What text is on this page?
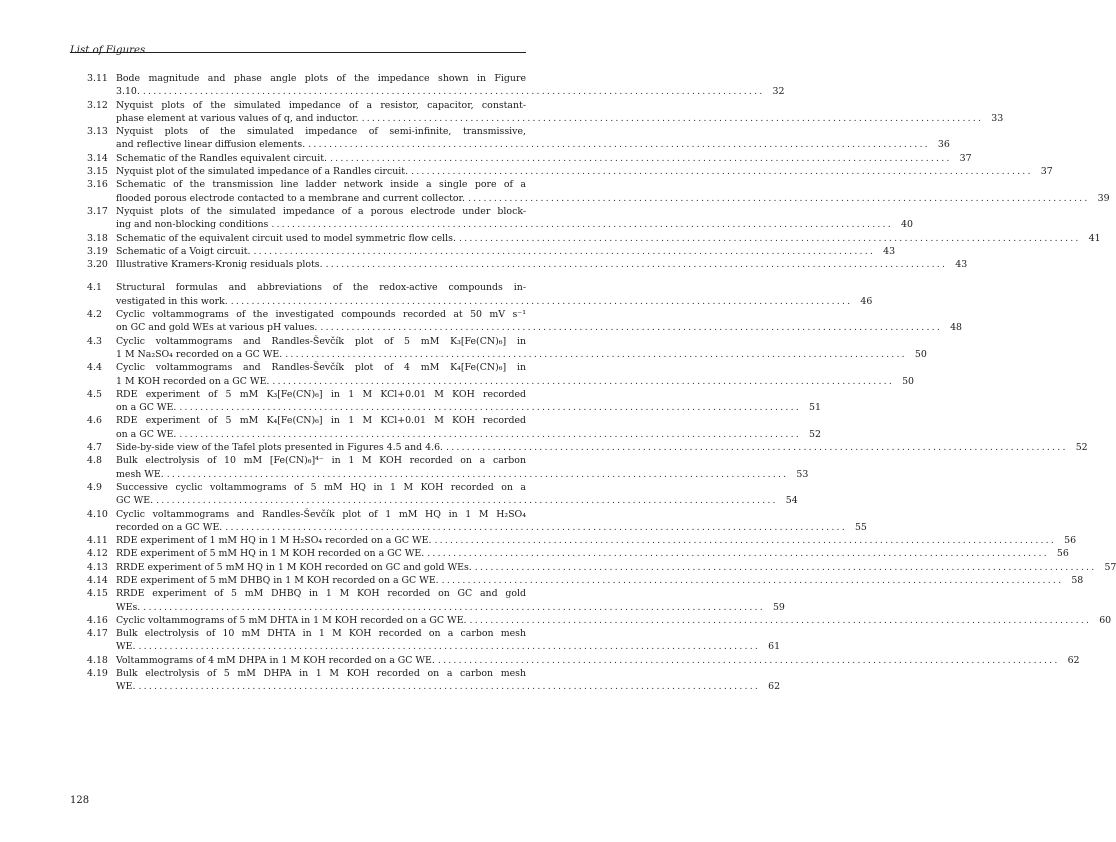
List of Figures
3.11 Bode magnitude and phase angle plots of the impedance shown in Figure
3.10. ........................................................................................................................ 32
3.12 Nyquist plots of the simulated impedance of a resistor, capacitor, constant-
phase element at various values of q, and inductor. ........................................................................................................................ 33
3.13 Nyquist plots of the simulated impedance of semi-infinite, transmissive,
and reflective linear diffusion elements. ........................................................................................................................ 36
3.14 Schematic of the Randles equivalent circuit. ........................................................................................................................ 37
3.15 Nyquist plot of the simulated impedance of a Randles circuit. ........................................................................................................................ 37
3.16 Schematic of the transmission line ladder network inside a single pore of a
flooded porous electrode contacted to a membrane and current collector. ........................................................................................................................ 39
3.17 Nyquist plots of the simulated impedance of a porous electrode under block-
ing and non-blocking conditions ........................................................................................................................ 40
3.18 Schematic of the equivalent circuit used to model symmetric flow cells. ........................................................................................................................ 41
3.19 Schematic of a Voigt circuit. ........................................................................................................................ 43
3.20 Illustrative Kramers-Kronig residuals plots. ........................................................................................................................ 43
4.1	Structural formulas and abbreviations of the redox-active compounds in-
vestigated in this work. ........................................................................................................................ 46
4.2	Cyclic voltammograms of the investigated compounds recorded at 50 mV s⁻¹
on GC and gold WEs at various pH values. ........................................................................................................................ 48
4.3	Cyclic voltammograms and Randles-Ševčík plot of 5 mM K₃[Fe(CN)₆] in
1 M Na₂SO₄ recorded on a GC WE. ........................................................................................................................ 50
4.4	Cyclic voltammograms and Randles-Ševčík plot of 4 mM K₄[Fe(CN)₆] in
1 M KOH recorded on a GC WE. ........................................................................................................................ 50
4.5	RDE experiment of 5 mM K₃[Fe(CN)₆] in 1 M KCl+0.01 M KOH recorded
on a GC WE. ........................................................................................................................ 51
4.6	RDE experiment of 5 mM K₄[Fe(CN)₆] in 1 M KCl+0.01 M KOH recorded
on a GC WE. ........................................................................................................................ 52
4.7	Side-by-side view of the Tafel plots presented in Figures 4.5 and 4.6. ........................................................................................................................ 52
4.8	Bulk electrolysis of 10 mM [Fe(CN)₆]⁴⁻ in 1 M KOH recorded on a carbon
mesh WE. ........................................................................................................................ 53
4.9	Successive cyclic voltammograms of 5 mM HQ in 1 M KOH recorded on a
GC WE. ........................................................................................................................ 54
4.10 Cyclic voltammograms and Randles-Ševčík plot of 1 mM HQ in 1 M H₂SO₄
recorded on a GC WE. ........................................................................................................................ 55
4.11 RDE experiment of 1 mM HQ in 1 M H₂SO₄ recorded on a GC WE. ........................................................................................................................ 56
4.12 RDE experiment of 5 mM HQ in 1 M KOH recorded on a GC WE. ........................................................................................................................ 56
4.13 RRDE experiment of 5 mM HQ in 1 M KOH recorded on GC and gold WEs. ........................................................................................................................ 57
4.14 RDE experiment of 5 mM DHBQ in 1 M KOH recorded on a GC WE. ........................................................................................................................ 58
4.15 RRDE experiment of 5 mM DHBQ in 1 M KOH recorded on GC and gold
WEs. ........................................................................................................................ 59
4.16 Cyclic voltammograms of 5 mM DHTA in 1 M KOH recorded on a GC WE. ........................................................................................................................ 60
4.17 Bulk electrolysis of 10 mM DHTA in 1 M KOH recorded on a carbon mesh
WE. ........................................................................................................................ 61
4.18 Voltammograms of 4 mM DHPA in 1 M KOH recorded on a GC WE. ........................................................................................................................ 62
4.19 Bulk electrolysis of 5 mM DHPA in 1 M KOH recorded on a carbon mesh
WE. ........................................................................................................................ 62
128
